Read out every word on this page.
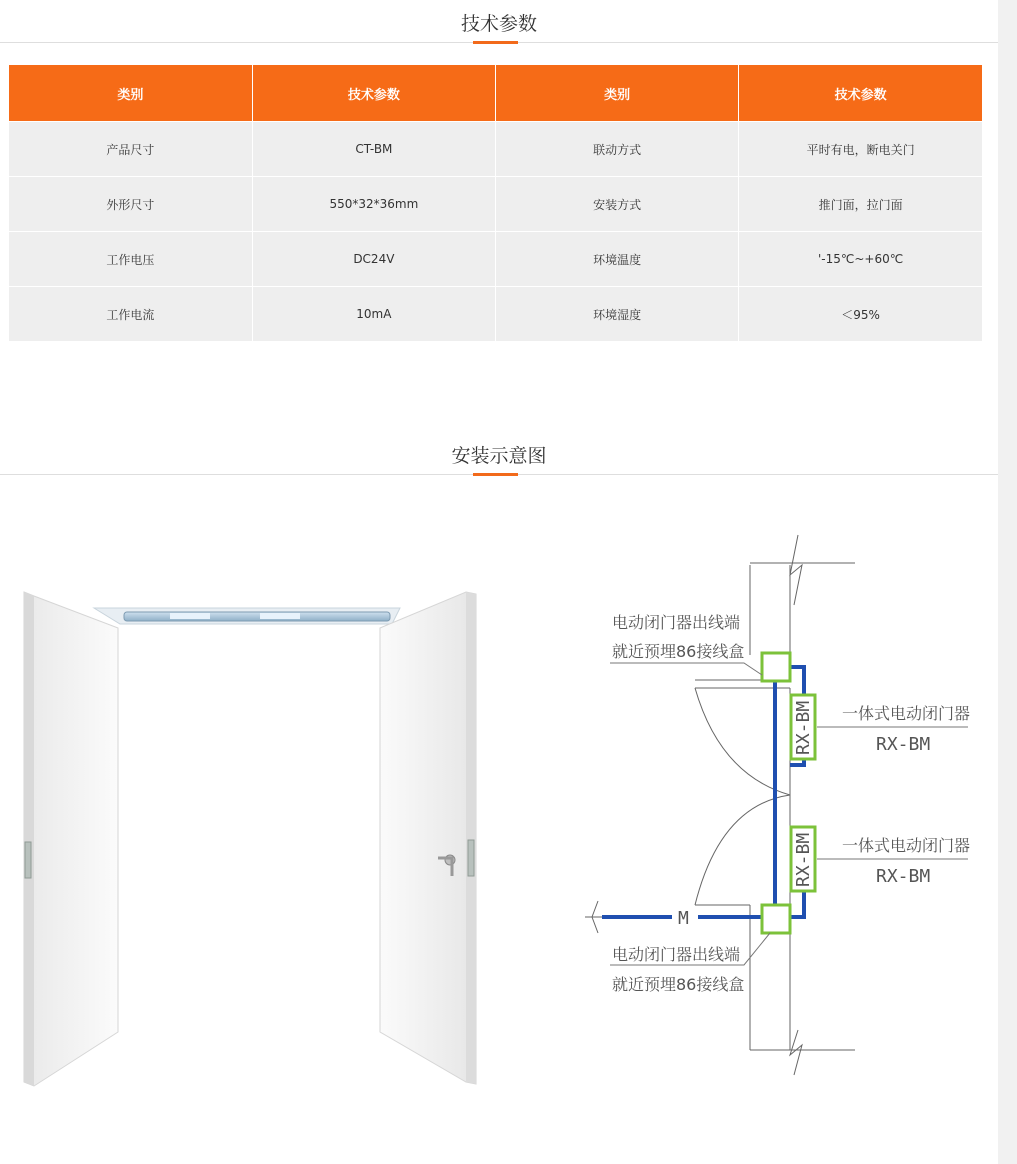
技术参数
类别	技术参数	类别	技术参数
产品尺寸	CT-BM	联动方式	平时有电，断电关门
外形尺寸	550*32*36mm	安装方式	推门面，拉门面
工作电压	DC24V	环境温度	'-15℃~+60℃
工作电流	10mA	环境湿度	＜95%
安装示意图
M
RX-BM
RX-BM
电动闭门器出线端
就近预埋86接线盒
一体式电动闭门器
RX-BM
一体式电动闭门器
RX-BM
电动闭门器出线端
就近预埋86接线盒
